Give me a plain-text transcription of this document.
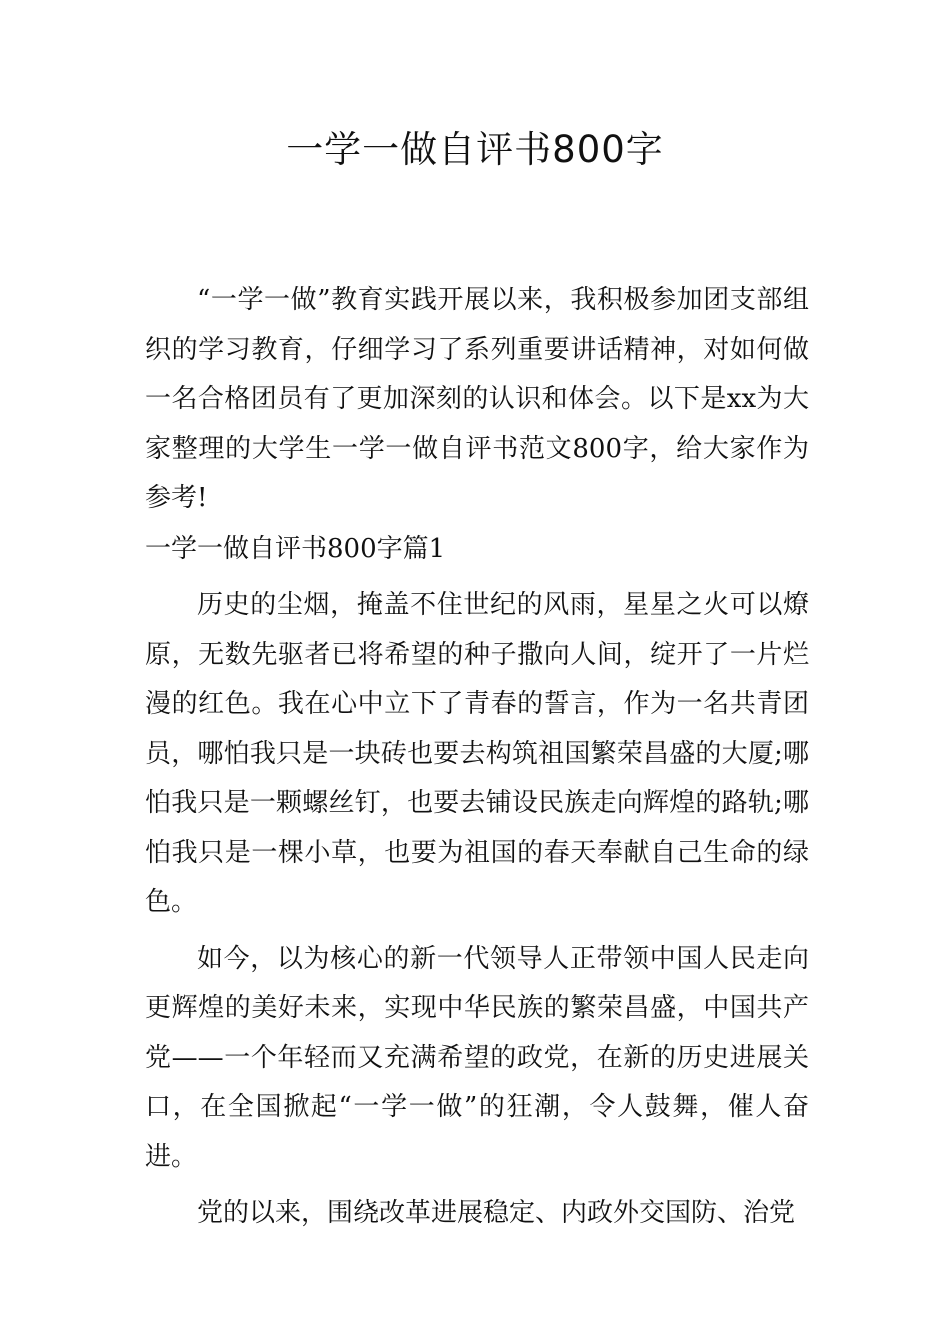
一学一做自评书800字

“一学一做”教育实践开展以来，我积极参加团支部组织的学习教育，仔细学习了系列重要讲话精神，对如何做一名合格团员有了更加深刻的认识和体会。以下是xx为大家整理的大学生一学一做自评书范文800字，给大家作为参考!

一学一做自评书800字篇1

历史的尘烟，掩盖不住世纪的风雨，星星之火可以燎原，无数先驱者已将希望的种子撒向人间，绽开了一片烂漫的红色。我在心中立下了青春的誓言，作为一名共青团员，哪怕我只是一块砖也要去构筑祖国繁荣昌盛的大厦;哪怕我只是一颗螺丝钉，也要去铺设民族走向辉煌的路轨;哪怕我只是一棵小草，也要为祖国的春天奉献自己生命的绿色。

如今，以为核心的新一代领导人正带领中国人民走向更辉煌的美好未来，实现中华民族的繁荣昌盛，中国共产党——一个年轻而又充满希望的政党，在新的历史进展关口，在全国掀起“一学一做”的狂潮，令人鼓舞，催人奋进。

党的以来，围绕改革进展稳定、内政外交国防、治党
